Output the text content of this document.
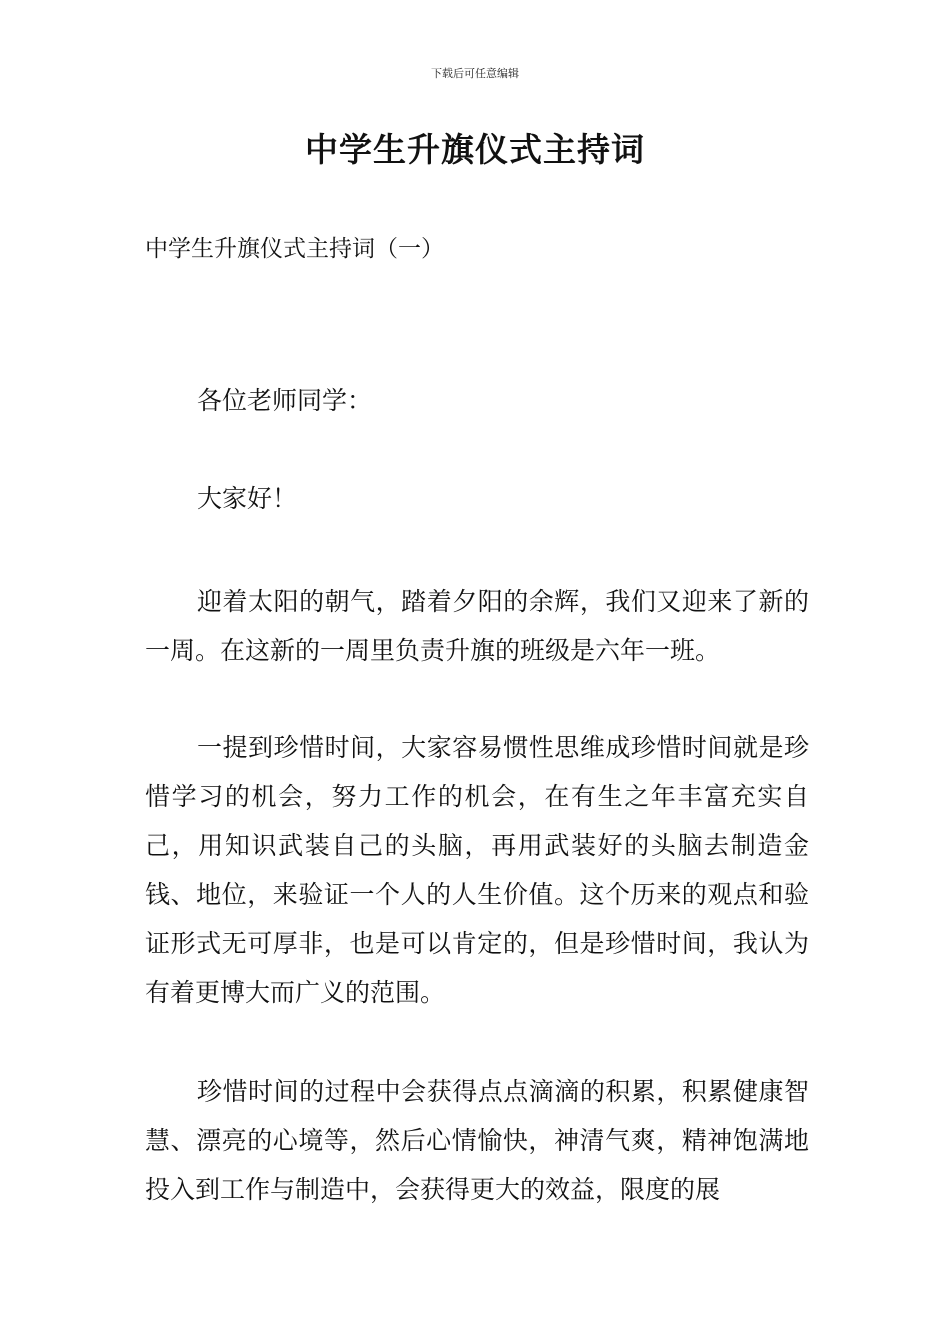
下载后可任意编辑
中学生升旗仪式主持词
中学生升旗仪式主持词（一）

各位老师同学：

大家好！

迎着太阳的朝气，踏着夕阳的余辉，我们又迎来了新的一周。在这新的一周里负责升旗的班级是六年一班。

一提到珍惜时间，大家容易惯性思维成珍惜时间就是珍惜学习的机会，努力工作的机会，在有生之年丰富充实自己，用知识武装自己的头脑，再用武装好的头脑去制造金钱、地位，来验证一个人的人生价值。这个历来的观点和验证形式无可厚非，也是可以肯定的，但是珍惜时间，我认为有着更博大而广义的范围。

珍惜时间的过程中会获得点点滴滴的积累，积累健康智慧、漂亮的心境等，然后心情愉快，神清气爽，精神饱满地投入到工作与制造中，会获得更大的效益，限度的展
